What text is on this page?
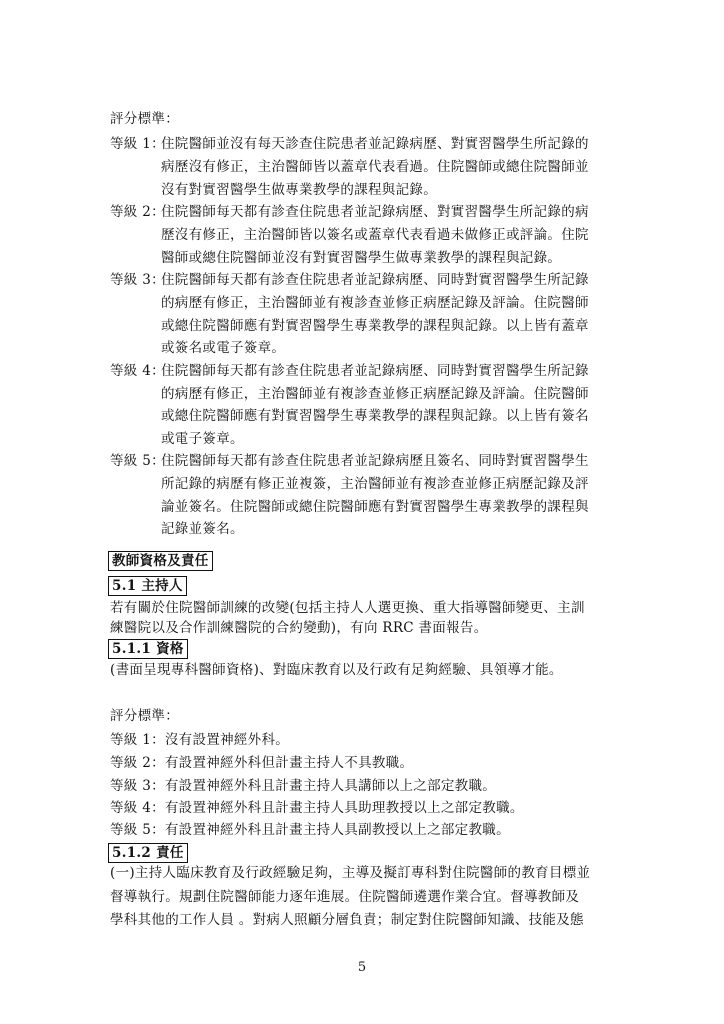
評分標準：
等級 1：
住院醫師並沒有每天診查住院患者並記錄病歷、對實習醫學生所記錄的
病歷沒有修正，主治醫師皆以蓋章代表看過。住院醫師或總住院醫師並
沒有對實習醫學生做專業教學的課程與記錄。
等級 2：
住院醫師每天都有診查住院患者並記錄病歷、對實習醫學生所記錄的病
歷沒有修正，主治醫師皆以簽名或蓋章代表看過未做修正或評論。住院
醫師或總住院醫師並沒有對實習醫學生做專業教學的課程與記錄。
等級 3：
住院醫師每天都有診查住院患者並記錄病歷、同時對實習醫學生所記錄
的病歷有修正，主治醫師並有複診查並修正病歷記錄及評論。住院醫師
或總住院醫師應有對實習醫學生專業教學的課程與記錄。以上皆有蓋章
或簽名或電子簽章。
等級 4：
住院醫師每天都有診查住院患者並記錄病歷、同時對實習醫學生所記錄
的病歷有修正，主治醫師並有複診查並修正病歷記錄及評論。住院醫師
或總住院醫師應有對實習醫學生專業教學的課程與記錄。以上皆有簽名
或電子簽章。
等級 5：
住院醫師每天都有診查住院患者並記錄病歷且簽名、同時對實習醫學生
所記錄的病歷有修正並複簽，主治醫師並有複診查並修正病歷記錄及評
論並簽名。住院醫師或總住院醫師應有對實習醫學生專業教學的課程與
記錄並簽名。
教師資格及責任
5.1 主持人
若有關於住院醫師訓練的改變(包括主持人人選更換、重大指導醫師變更、主訓
練醫院以及合作訓練醫院的合約變動)，有向 RRC 書面報告。
5.1.1 資格
(書面呈現專科醫師資格)、對臨床教育以及行政有足夠經驗、具領導才能。
評分標準：
等級 1：沒有設置神經外科。
等級 2：有設置神經外科但計畫主持人不具教職。
等級 3：有設置神經外科且計畫主持人具講師以上之部定教職。
等級 4：有設置神經外科且計畫主持人具助理教授以上之部定教職。
等級 5：有設置神經外科且計畫主持人具副教授以上之部定教職。
5.1.2 責任
(一)主持人臨床教育及行政經驗足夠，主導及擬訂專科對住院醫師的教育目標並
督導執行。規劃住院醫師能力逐年進展。住院醫師遴選作業合宜。督導教師及
學科其他的工作人員 。對病人照顧分層負責；制定對住院醫師知識、技能及態
5
